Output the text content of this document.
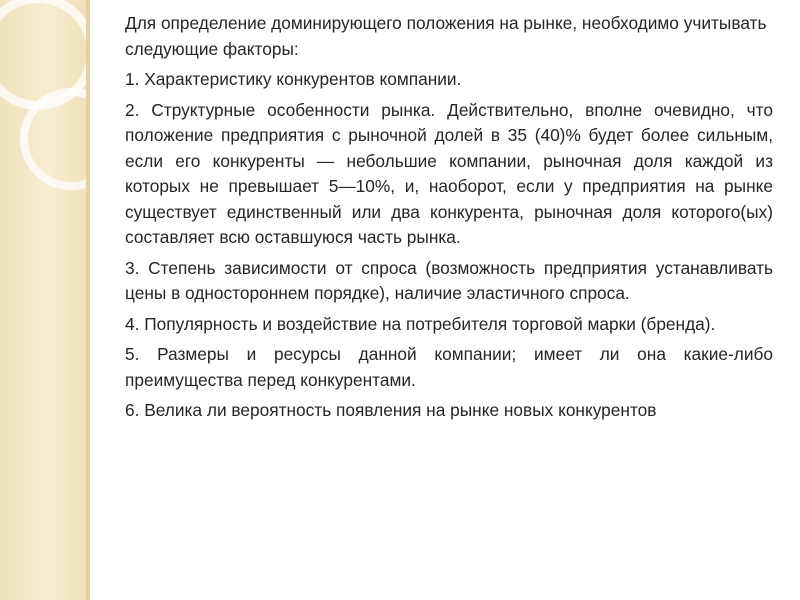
Для определение доминирующего положения на рынке, необходимо учитывать следующие факторы:

1. Характеристику конкурентов компании.

2. Структурные особенности рынка. Действительно, вполне очевидно, что положение предприятия с рыночной долей в 35 (40)% будет более сильным, если его конкуренты — небольшие компании, рыночная доля каждой из которых не превышает 5—10%, и, наоборот, если у предприятия на рынке существует единственный или два конкурента, рыночная доля которого(ых) составляет всю оставшуюся часть рынка.

3. Степень зависимости от спроса (возможность предприятия устанавливать цены в одностороннем порядке), наличие эластичного спроса.

4. Популярность и воздействие на потребителя торговой марки (бренда).

5. Размеры и ресурсы данной компании; имеет ли она какие-либо преимущества перед конкурентами.

6. Велика ли вероятность появления на рынке новых конкурентов
